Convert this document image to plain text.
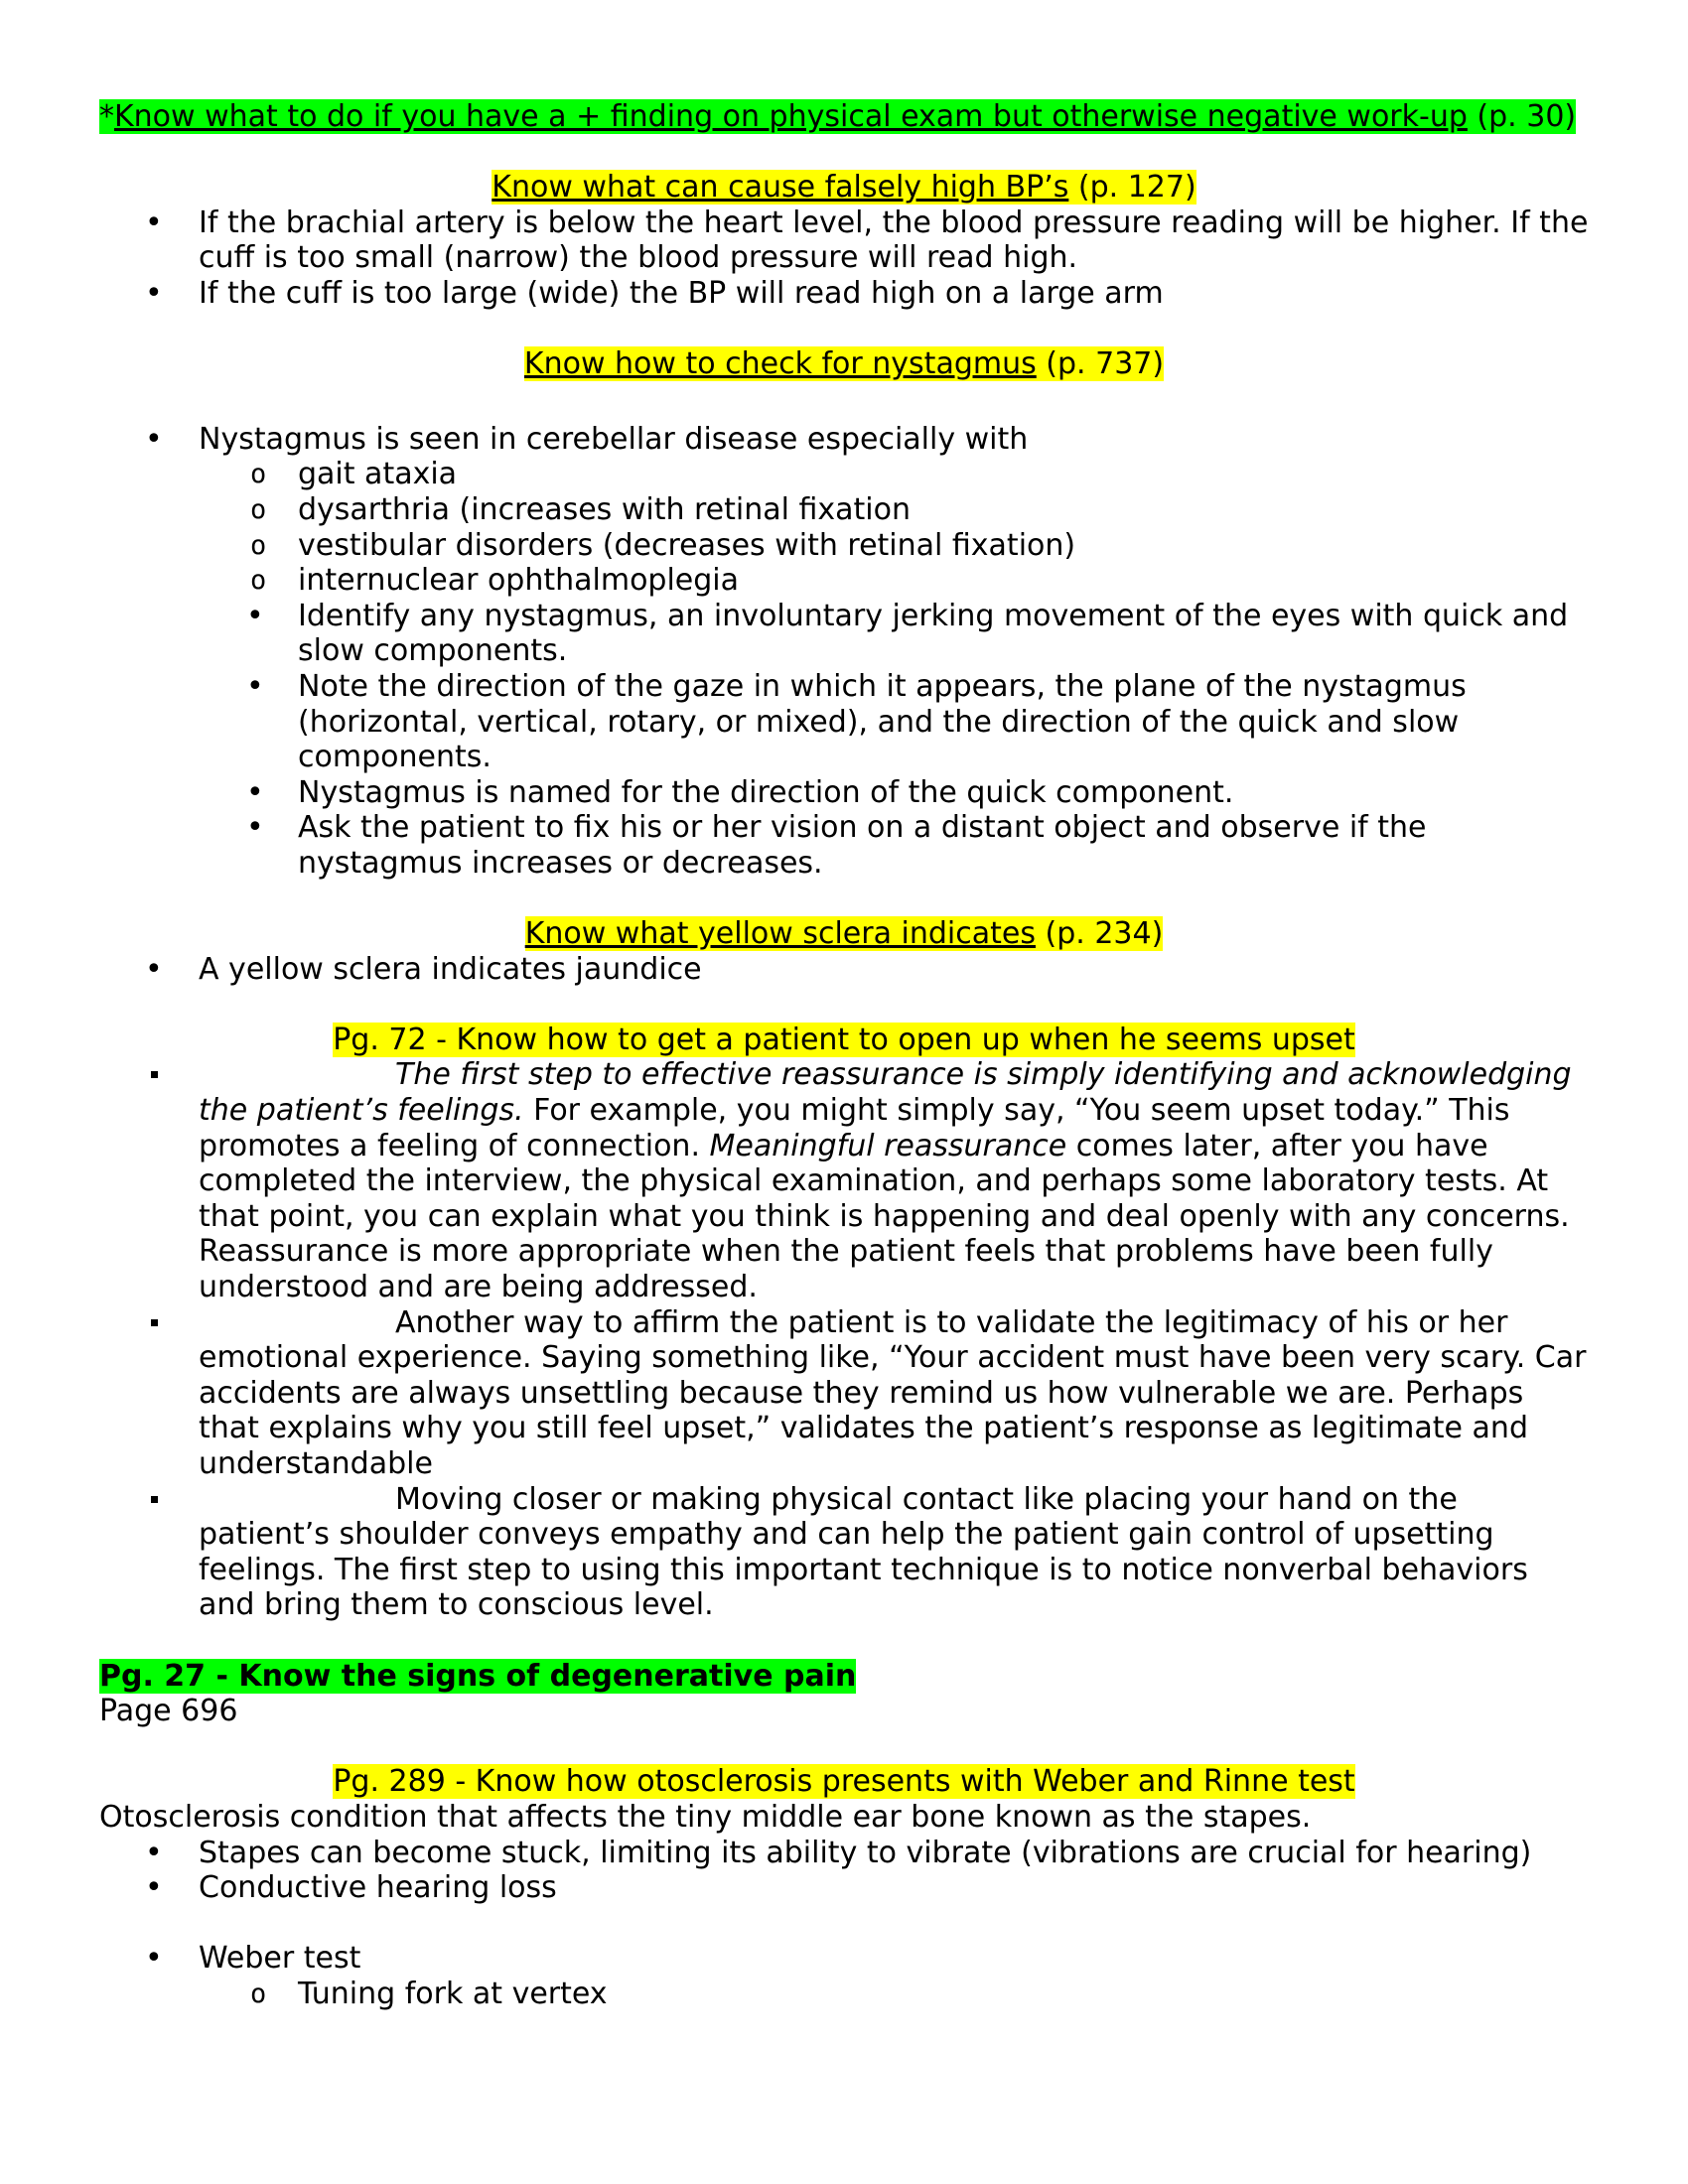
*Know what to do if you have a + finding on physical exam but otherwise negative work-up (p. 30)

Know what can cause falsely high BP’s (p. 127)

• If the brachial artery is below the heart level, the blood pressure reading will be higher. If the cuff is too small (narrow) the blood pressure will read high.
• If the cuff is too large (wide) the BP will read high on a large arm

Know how to check for nystagmus (p. 737)

• Nystagmus is seen in cerebellar disease especially with
o gait ataxia
o dysarthria (increases with retinal fixation
o vestibular disorders (decreases with retinal fixation)
o internuclear ophthalmoplegia
• Identify any nystagmus, an involuntary jerking movement of the eyes with quick and slow components.
• Note the direction of the gaze in which it appears, the plane of the nystagmus (horizontal, vertical, rotary, or mixed), and the direction of the quick and slow components.
• Nystagmus is named for the direction of the quick component.
• Ask the patient to fix his or her vision on a distant object and observe if the nystagmus increases or decreases.

Know what yellow sclera indicates (p. 234)

• A yellow sclera indicates jaundice

Pg. 72 - Know how to get a patient to open up when he seems upset

The first step to effective reassurance is simply identifying and acknowledging the patient’s feelings. For example, you might simply say, “You seem upset today.” This promotes a feeling of connection. Meaningful reassurance comes later, after you have completed the interview, the physical examination, and perhaps some laboratory tests. At that point, you can explain what you think is happening and deal openly with any concerns. Reassurance is more appropriate when the patient feels that problems have been fully understood and are being addressed.
Another way to affirm the patient is to validate the legitimacy of his or her emotional experience. Saying something like, “Your accident must have been very scary. Car accidents are always unsettling because they remind us how vulnerable we are. Perhaps that explains why you still feel upset,” validates the patient’s response as legitimate and understandable
Moving closer or making physical contact like placing your hand on the patient’s shoulder conveys empathy and can help the patient gain control of upsetting feelings. The first step to using this important technique is to notice nonverbal behaviors and bring them to conscious level.

Pg. 27 - Know the signs of degenerative pain

Page 696

Pg. 289 - Know how otosclerosis presents with Weber and Rinne test

Otosclerosis condition that affects the tiny middle ear bone known as the stapes.

• Stapes can become stuck, limiting its ability to vibrate (vibrations are crucial for hearing)
• Conductive hearing loss
• Weber test
o Tuning fork at vertex
